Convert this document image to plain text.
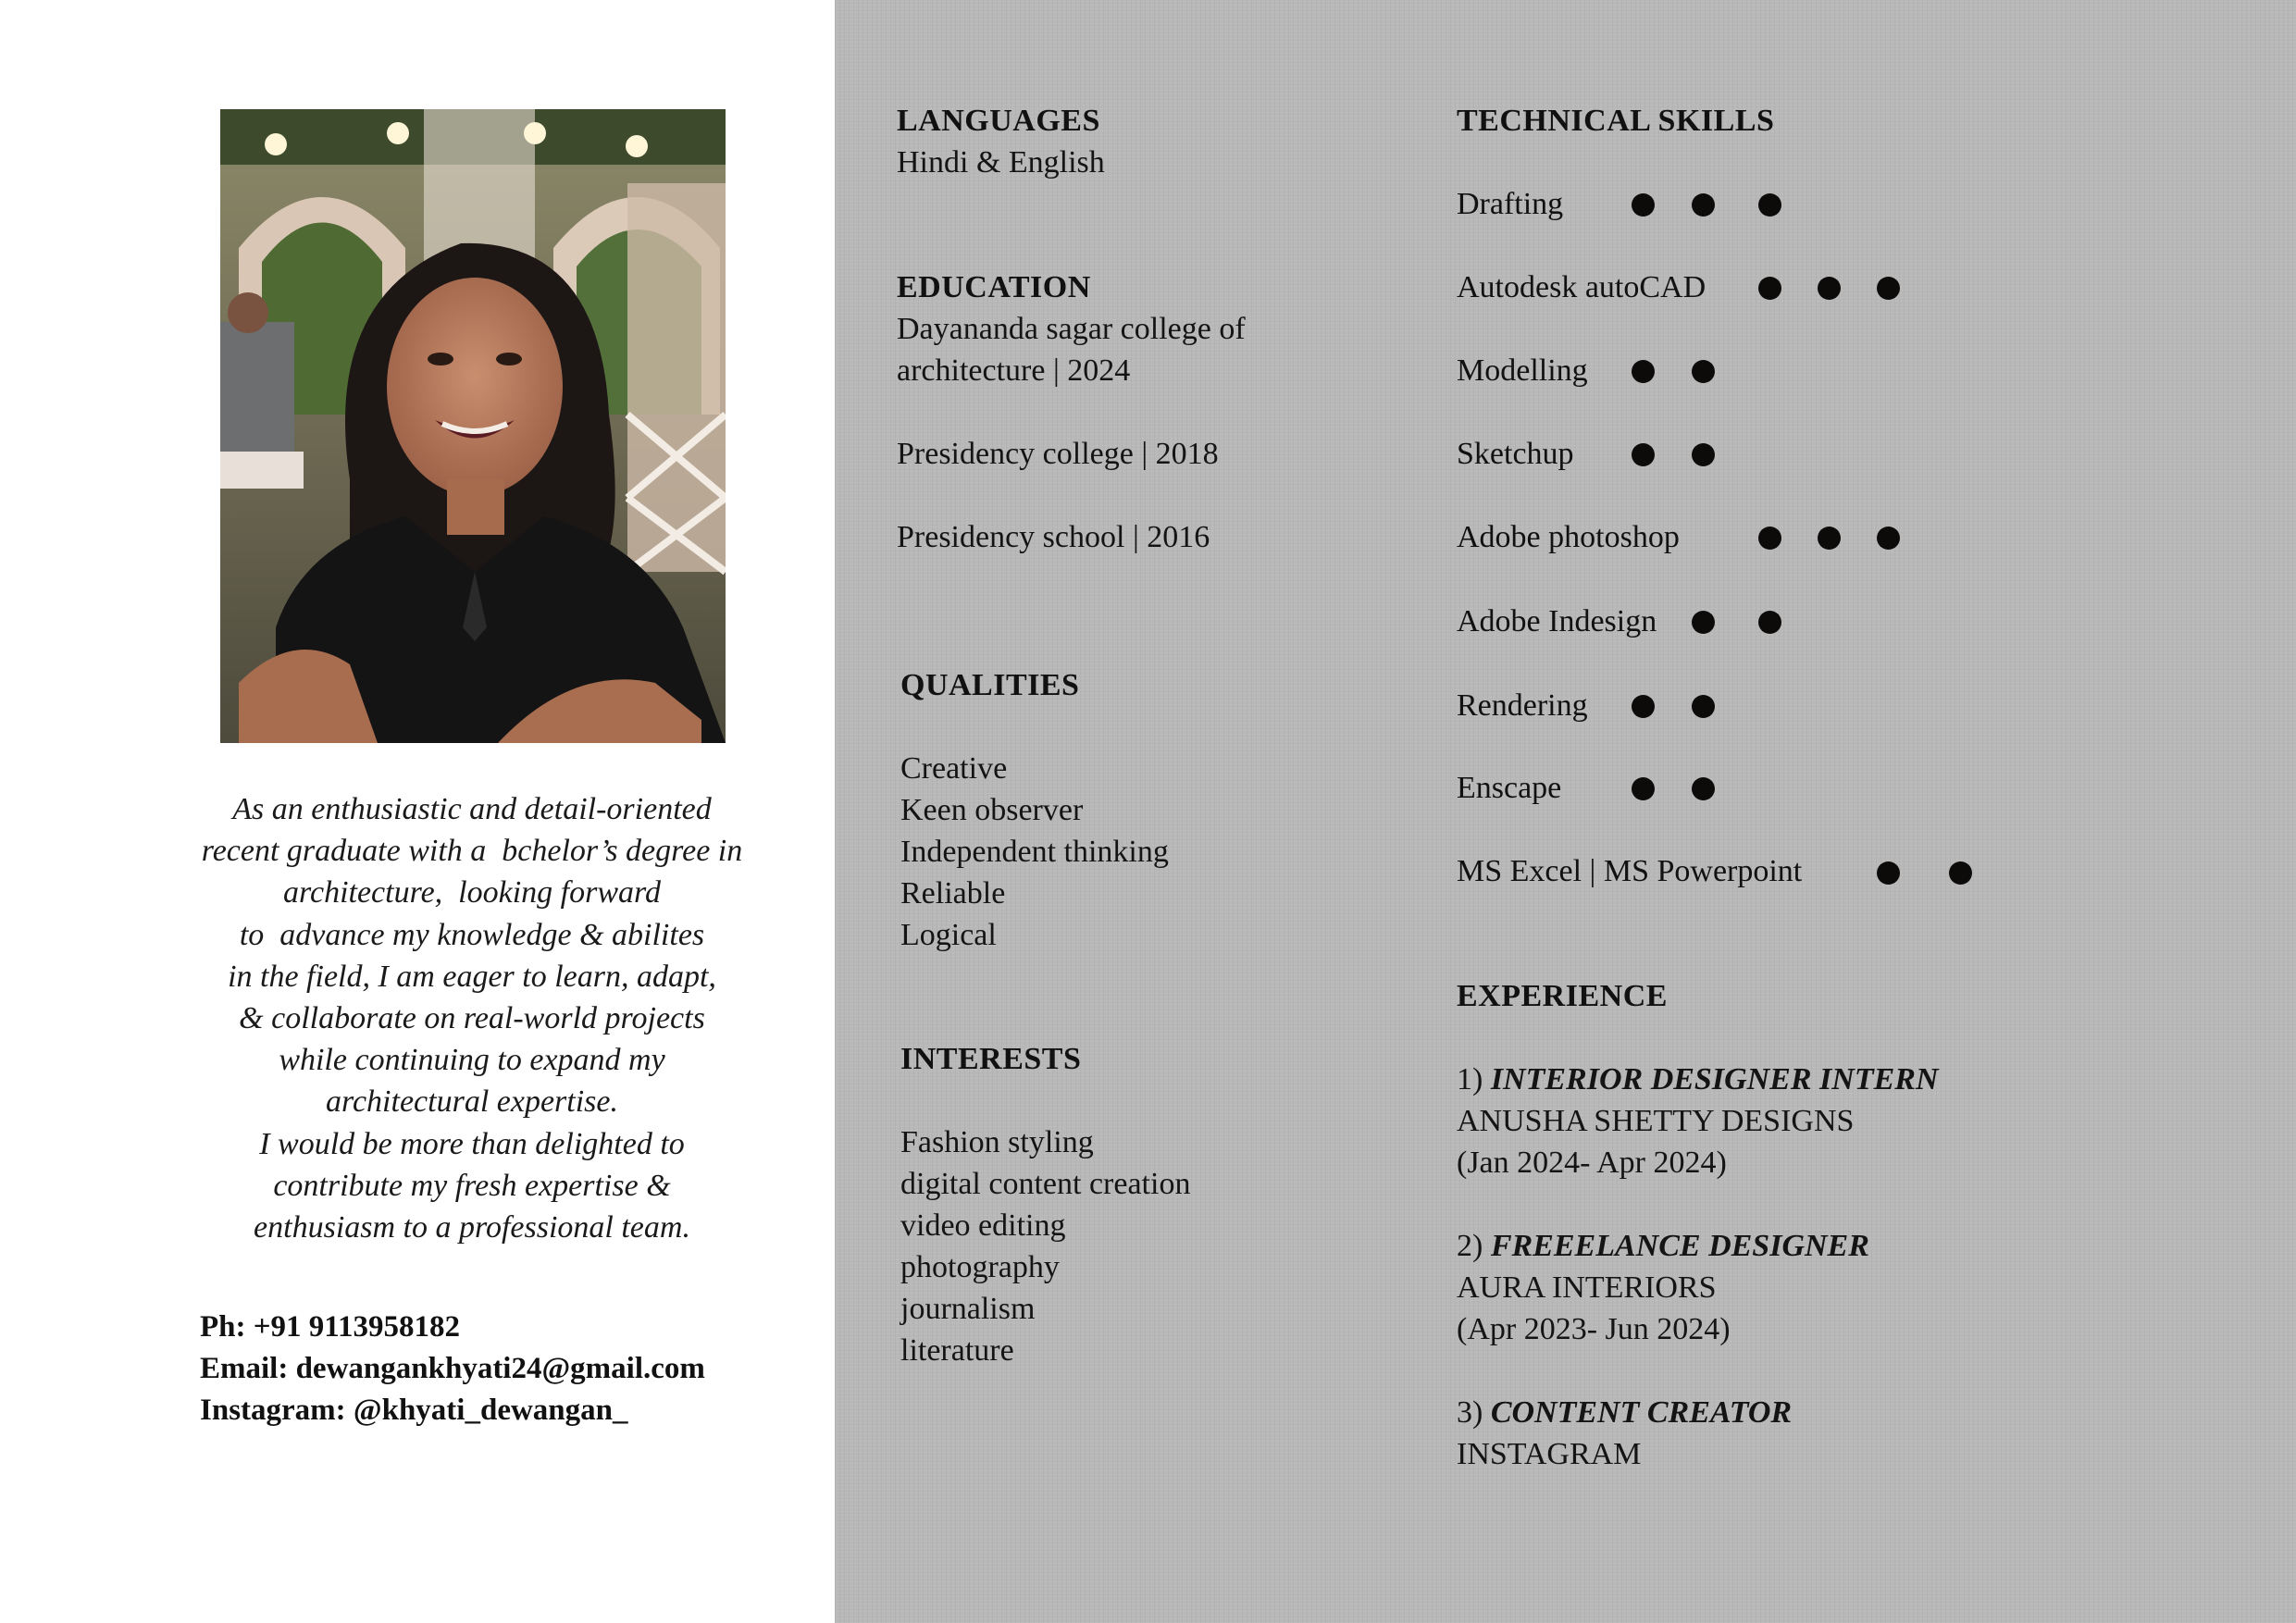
As an enthusiastic and detail-oriented
recent graduate with a  bchelor’s degree in
architecture,  looking forward
to  advance my knowledge & abilites
in the field, I am eager to learn, adapt,
& collaborate on real-world projects
while continuing to expand my
architectural expertise.
I would be more than delighted to
contribute my fresh expertise &
enthusiasm to a professional team.
Ph: +91 9113958182
Email: dewangankhyati24@gmail.com
Instagram: @khyati_dewangan_
LANGUAGES
Hindi & English
EDUCATION
Dayananda sagar college of
architecture | 2024
Presidency college | 2018
Presidency school | 2016
QUALITIES
Creative
Keen observer
Independent thinking
Reliable
Logical
INTERESTS
Fashion styling
digital content creation
video editing
photography
journalism
literature
TECHNICAL SKILLS
Drafting
Autodesk autoCAD
Modelling
Sketchup
Adobe photoshop
Adobe Indesign
Rendering
Enscape
MS Excel | MS Powerpoint
EXPERIENCE
1) INTERIOR DESIGNER INTERN
ANUSHA SHETTY DESIGNS
(Jan 2024- Apr 2024)
2) FREEELANCE DESIGNER
AURA INTERIORS
(Apr 2023- Jun 2024)
3) CONTENT CREATOR
INSTAGRAM
